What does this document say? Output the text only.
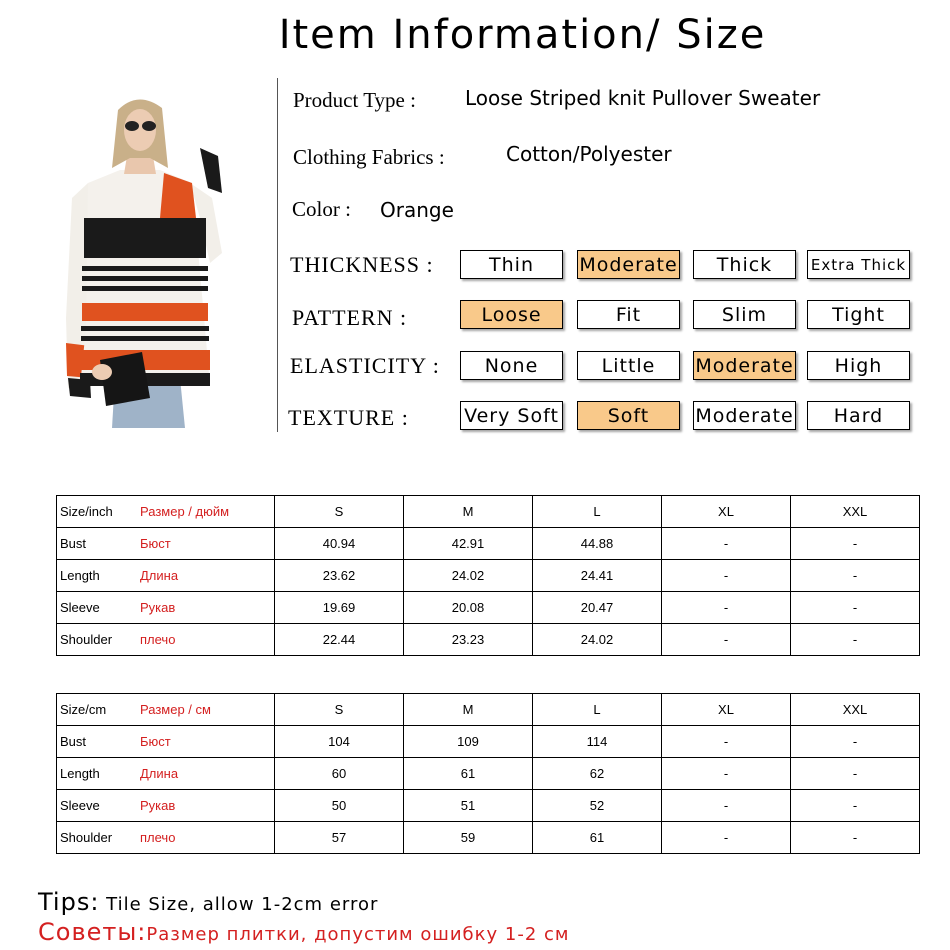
Item Information/ Size
Product Type : Loose Striped knit Pullover Sweater
Clothing Fabrics :	Cotton/Polyester
Color : Orange
THICKNESS :	Thin	Moderate	Thick	Extra Thick
PATTERN :	Loose	Fit	Slim	Tight
ELASTICITY :	None	Little	Moderate	High
TEXTURE :	Very Soft	Soft	Moderate	Hard
Size/inch Размер / дюйм	S	M	L	XL	XXL
Bust Бюст	40.94	42.91	44.88	-	-
Length Длина	23.62	24.02	24.41	-	-
Sleeve Рукав	19.69	20.08	20.47	-	-
Shoulder плечо	22.44	23.23	24.02	-	-
Size/cm Размер / см	S	M	L	XL	XXL
Bust Бюст	104	109	114	-	-
Length Длина	60	61	62	-	-
Sleeve Рукав	50	51	52	-	-
Shoulder плечо	57	59	61	-	-
Tips: Tile Size, allow 1-2cm error
Советы:Размер плитки, допустим ошибку 1-2 см
